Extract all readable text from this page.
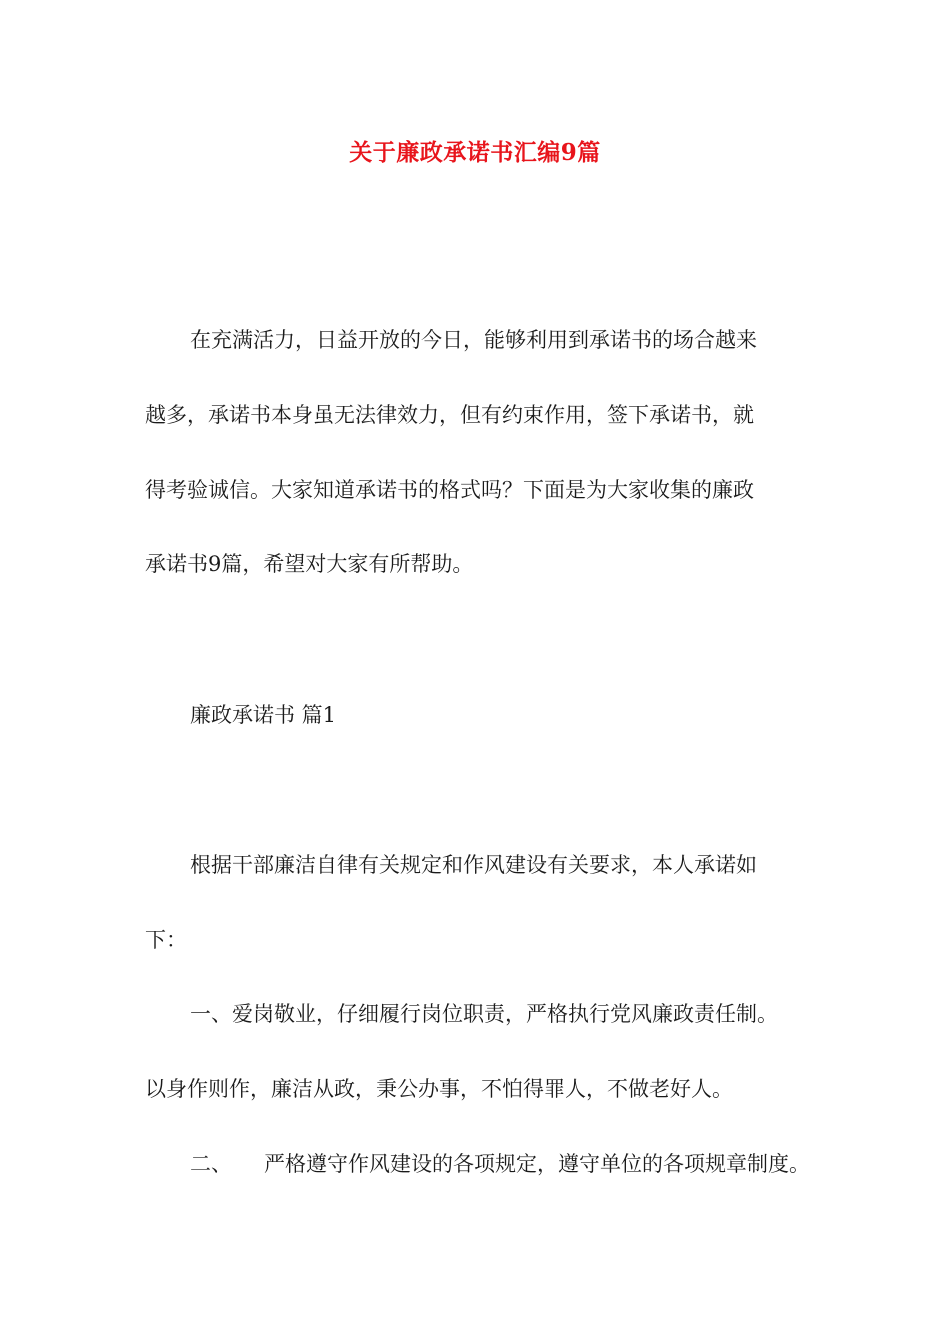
关于廉政承诺书汇编9篇
在充满活力，日益开放的今日，能够利用到承诺书的场合越来
越多，承诺书本身虽无法律效力，但有约束作用，签下承诺书，就
得考验诚信。大家知道承诺书的格式吗？下面是为大家收集的廉政
承诺书9篇，希望对大家有所帮助。
廉政承诺书 篇1
根据干部廉洁自律有关规定和作风建设有关要求，本人承诺如
下：
一、爱岗敬业，仔细履行岗位职责，严格执行党风廉政责任制。
以身作则作，廉洁从政，秉公办事，不怕得罪人，不做老好人。
二、 严格遵守作风建设的各项规定，遵守单位的各项规章制度。
